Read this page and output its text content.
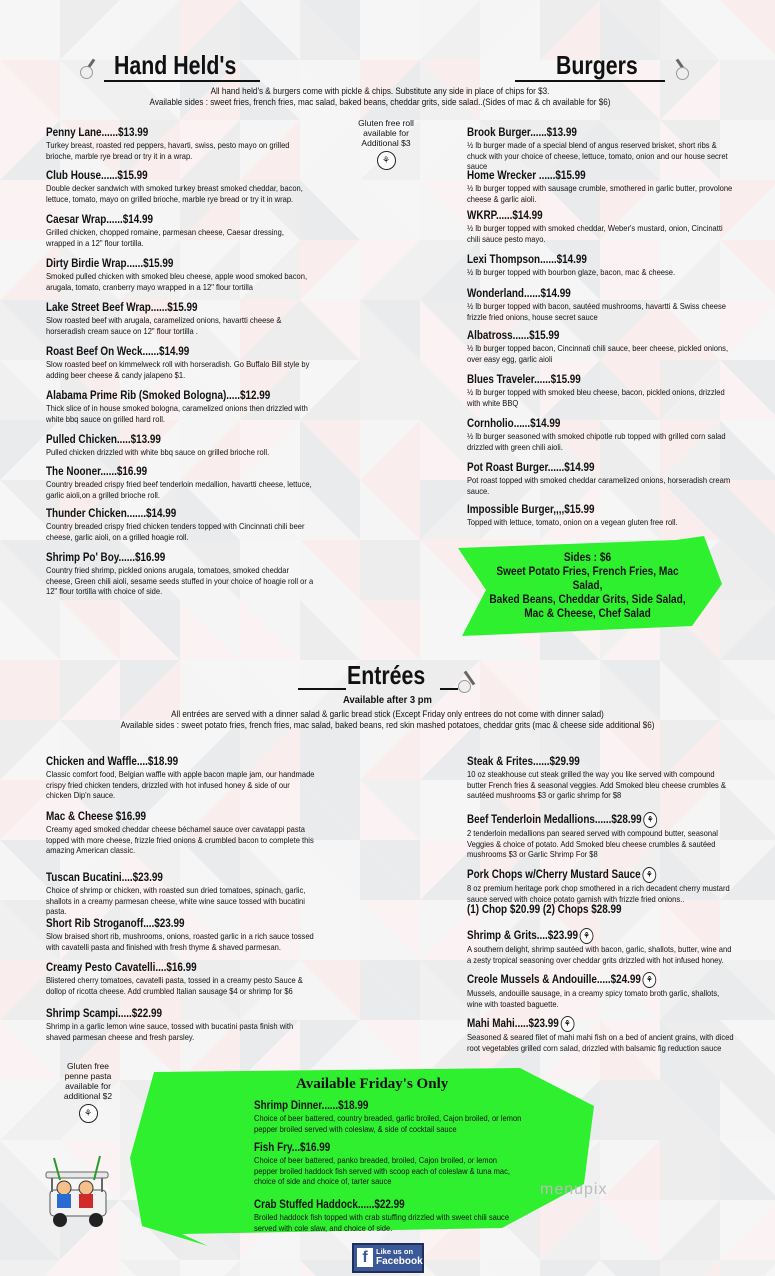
Hand Held's	Burgers
All hand held's & burgers come with pickle & chips. Substitute any side in place of chips for $3.
Available sides : sweet fries, french fries, mac salad, baked beans, cheddar grits, side salad..(Sides of mac & ch available for $6)
Gluten free roll
available for
Additional $3
⚘
Penny Lane......$13.99
Turkey breast, roasted red peppers, havarti, swiss, pesto mayo on grilled brioche, marble rye bread or try it in a wrap.
Club House......$15.99
Double decker sandwich with smoked turkey breast smoked cheddar, bacon, lettuce, tomato, mayo on grilled brioche, marble rye bread or try it in wrap.
Caesar Wrap......$14.99
Grilled chicken, chopped romaine, parmesan cheese, Caesar dressing, wrapped in a 12" flour tortilla.
Dirty Birdie Wrap......$15.99
Smoked pulled chicken with smoked bleu cheese, apple wood smoked bacon, arugala, tomato, cranberry mayo wrapped in a 12" flour tortilla
Lake Street Beef Wrap......$15.99
Slow roasted beef with arugala, caramelized onions, havartti cheese & horseradish cream sauce on 12" flour tortilla .
Roast Beef On Weck......$14.99
Slow roasted beef on kimmelweck roll with horseradish. Go Buffalo Bill style by adding beer cheese & candy jalapeno $1.
Alabama Prime Rib (Smoked Bologna).....$12.99
Thick slice of in house smoked bologna, caramelized onions then drizzled with white bbq sauce on grilled hard roll.
Pulled Chicken.....$13.99
Pulled chicken drizzled with white bbq sauce on grilled brioche roll.
The Nooner......$16.99
Country breaded crispy fried beef tenderloin medallion, havartti cheese, lettuce, garlic aioli,on a grilled brioche roll.
Thunder Chicken.......$14.99
Country breaded crispy fried chicken tenders topped with Cincinnati chili beer cheese, garlic aioli, on a grilled hoagie roll.
Shrimp Po' Boy......$16.99
Country fried shrimp, pickled onions arugala, tomatoes, smoked cheddar cheese, Green chili aioli, sesame seeds stuffed in your choice of hoagie roll or a 12" flour tortilla with choice of side.
Brook Burger......$13.99
½ lb burger made of a special blend of angus reserved brisket, short ribs & chuck with your choice of cheese, lettuce, tomato, onion and our house secret sauce
Home Wrecker ......$15.99
½ lb burger topped with sausage crumble, smothered in garlic butter, provolone cheese & garlic aioli.
WKRP......$14.99
½ lb burger topped with smoked cheddar, Weber's mustard, onion, Cincinatti chili sauce pesto mayo.
Lexi Thompson......$14.99
½ lb burger topped with bourbon glaze, bacon, mac & cheese.
Wonderland......$14.99
½ lb burger topped with bacon, sautéed mushrooms, havartti & Swiss cheese frizzle fried onions, house secret sauce
Albatross......$15.99
½ lb burger topped bacon, Cincinnati chili sauce, beer cheese, pickled onions, over easy egg, garlic aioli
Blues Traveler......$15.99
½ lb burger topped with smoked bleu cheese, bacon, pickled onions, drizzled with white BBQ
Cornholio......$14.99
½ lb burger seasoned with smoked chipotle rub topped with grilled corn salad drizzled with green chili aioli.
Pot Roast Burger......$14.99
Pot roast topped with smoked cheddar caramelized onions, horseradish cream sauce.
Impossible Burger,,,,$15.99
Topped with lettuce, tomato, onion on a vegean gluten free roll.
Sides : $6
Sweet Potato Fries, French Fries, Mac Salad,
Baked Beans, Cheddar Grits, Side Salad,
Mac & Cheese, Chef Salad
Entrées
Available after 3 pm
All entrées are served with a dinner salad & garlic bread stick (Except Friday only entrees do not come with dinner salad)
Available sides : sweet potato fries, french fries, mac salad, baked beans, red skin mashed potatoes, cheddar grits (mac & cheese side additional $6)
Chicken and Waffle....$18.99
Classic comfort food, Belgian waffle with apple bacon maple jam, our handmade crispy fried chicken tenders, drizzled with hot infused honey & side of our chicken Dip'n sauce.
Mac & Cheese $16.99
Creamy aged smoked cheddar cheese béchamel sauce over cavatappi pasta topped with more cheese, frizzle fried onions & crumbled bacon to complete this amazing American classic.
Tuscan Bucatini....$23.99
Choice of shrimp or chicken, with roasted sun dried tomatoes, spinach, garlic, shallots in a creamy parmesan cheese, white wine sauce tossed with bucatini pasta.
Short Rib Stroganoff....$23.99
Slow braised short rib, mushrooms, onions, roasted garlic in a rich sauce tossed with cavatelli pasta and finished with fresh thyme & shaved parmesan.
Creamy Pesto Cavatelli....$16.99
Blistered cherry tomatoes, cavatelli pasta, tossed in a creamy pesto Sauce & dollop of ricotta cheese. Add crumbled Italian sausage $4 or shrimp for $6
Shrimp Scampi.....$22.99
Shrimp in a garlic lemon wine sauce, tossed with bucatini pasta finish with shaved parmesan cheese and fresh parsley.
Steak & Frites......$29.99
10 oz steakhouse cut steak grilled the way you like served with compound butter French fries & seasonal veggies. Add Smoked bleu cheese crumbles & sautéed mushrooms $3 or garlic shrimp for $8
Beef Tenderloin Medallions......$28.99 ⚘
2 tenderloin medallions pan seared served with compound butter, seasonal Veggies & choice of potato. Add Smoked bleu cheese crumbles & sautéed mushrooms $3 or Garlic Shrimp For $8
Pork Chops w/Cherry Mustard Sauce ⚘
8 oz premium heritage pork chop smothered in a rich decadent cherry mustard sauce served with choice potato garnish with frizzle fried onions..
(1) Chop $20.99 (2) Chops $28.99
Shrimp & Grits....$23.99 ⚘
A southern delight, shrimp sautéed with bacon, garlic, shallots, butter, wine and a zesty tropical seasoning over cheddar grits drizzled with hot infused honey.
Creole Mussels & Andouille.....$24.99 ⚘
Mussels, andouille sausage, in a creamy spicy tomato broth garlic, shallots, wine with toasted baguette.
Mahi Mahi.....$23.99 ⚘
Seasoned & seared filet of mahi mahi fish on a bed of ancient grains, with diced root vegetables grilled corn salad, drizzled with balsamic fig reduction sauce
Gluten free
penne pasta
available for
additional $2
⚘
Available Friday's Only
Shrimp Dinner......$18.99
Choice of beer battered, country breaded, garlic broiled, Cajon broiled, or lemon pepper broiled served with coleslaw, & side of cocktail sauce
Fish Fry...$16.99
Choice of beer battered, panko breaded, broiled, Cajon broiled, or lemon pepper broiled haddock fish served with scoop each of coleslaw & tuna mac, choice of side and choice of, tarter sauce
Crab Stuffed Haddock......$22.99
Broiled haddock fish topped with crab stuffing drizzled with sweet chili sauce served with cole slaw, and choice of side.
f	Like us on
Facebook
menupix
